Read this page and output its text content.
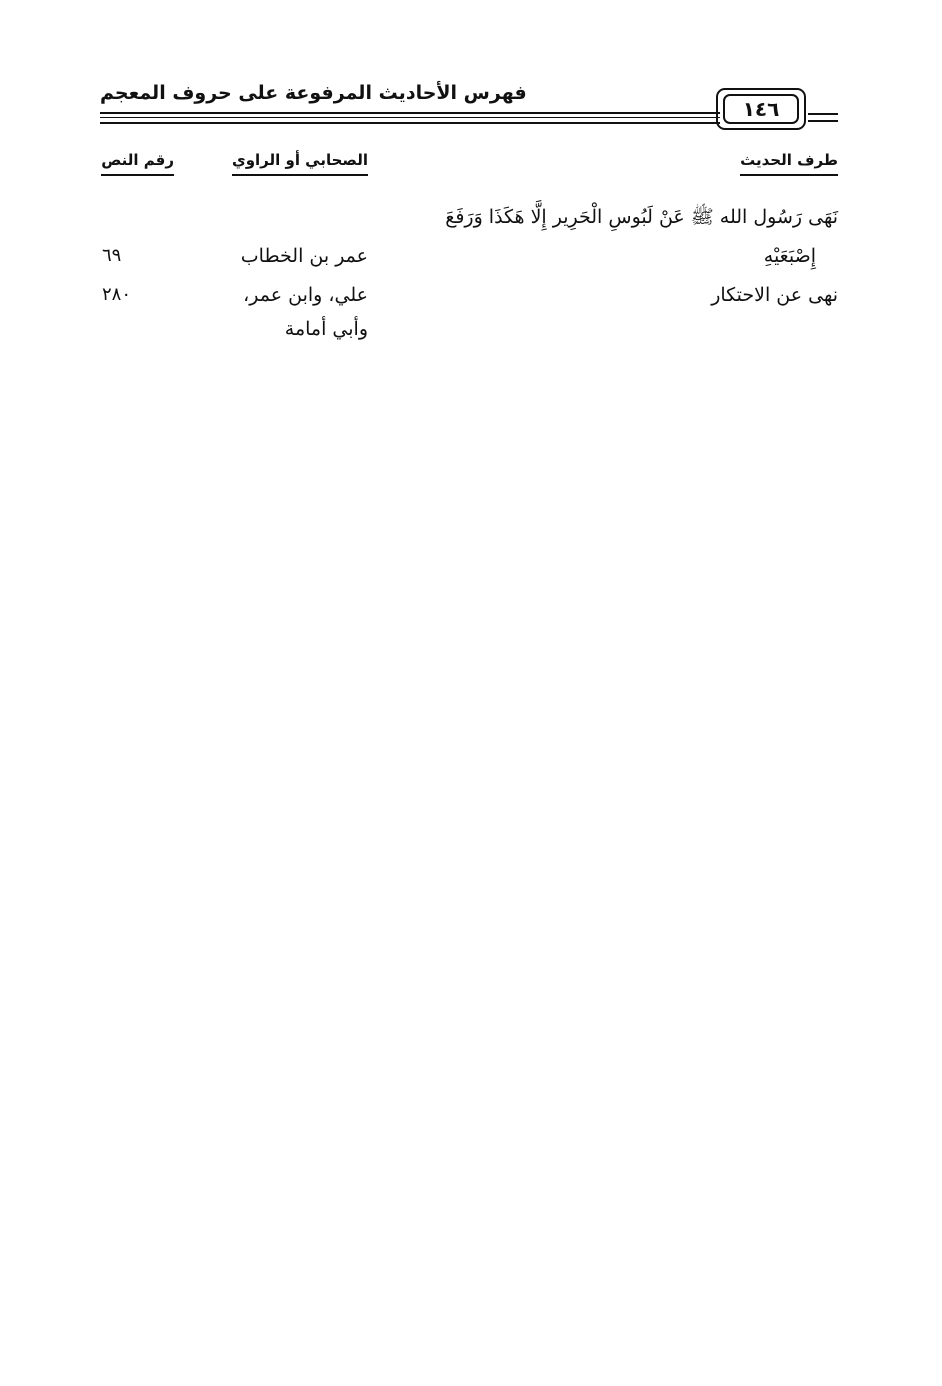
فهرس الأحاديث المرفوعة على حروف المعجم
١٤٦
طرف الحديث
الصحابي أو الراوي
رقم النص
نَهَى رَسُول الله ﷺ عَنْ لَبُوسِ الْحَرِير إِلَّا هَكَذَا وَرَفَعَ
إِصْبَعَيْهِ
عمر بن الخطاب
٦٩
نهى عن الاحتكار
علي، وابن عمر،
وأبي أمامة
٢٨٠
